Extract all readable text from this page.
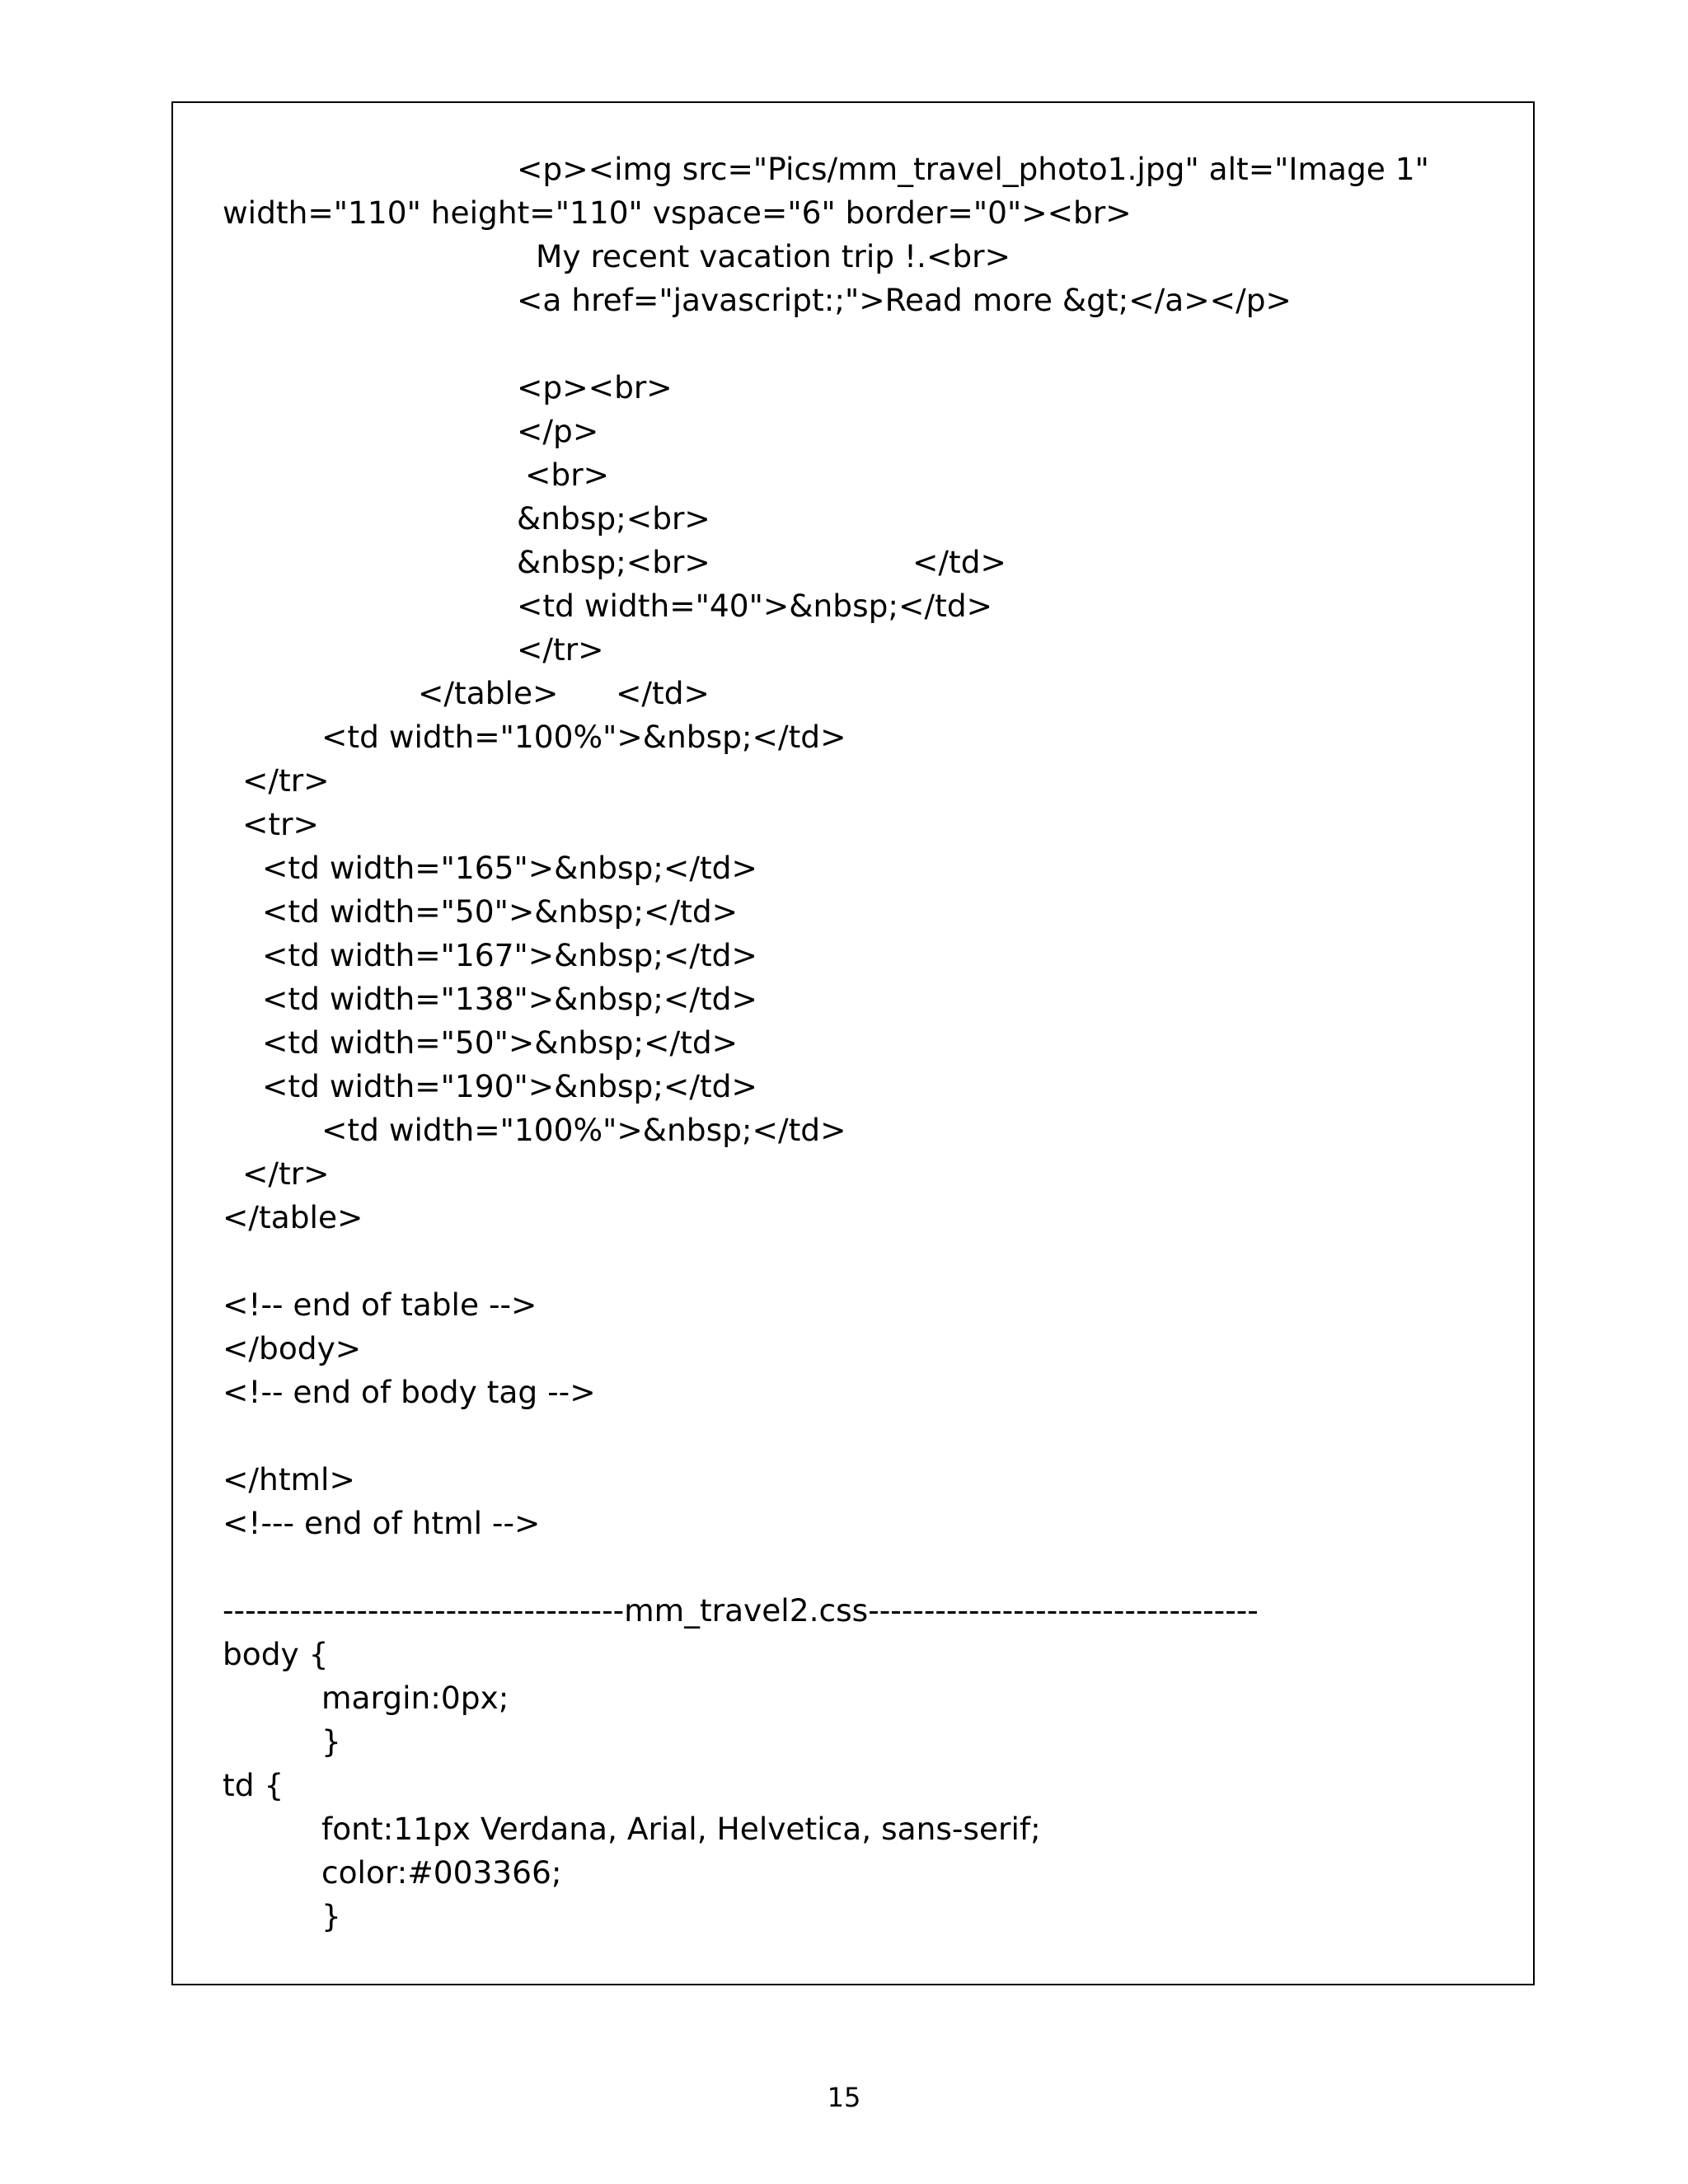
<p><img src="Pics/mm_travel_photo1.jpg" alt="Image 1"
width="110" height="110" vspace="6" border="0"><br>
My recent vacation trip !.<br>
<a href="javascript:;">Read more &gt;</a></p>
<p><br>
</p>
<br>
&nbsp;<br>
&nbsp;<br>	</td>
<td width="40">&nbsp;</td>
</tr>
</table> </td>
<td width="100%">&nbsp;</td>
</tr>
<tr>
<td width="165">&nbsp;</td>
<td width="50">&nbsp;</td>
<td width="167">&nbsp;</td>
<td width="138">&nbsp;</td>
<td width="50">&nbsp;</td>
<td width="190">&nbsp;</td>
<td width="100%">&nbsp;</td>
</tr>
</table>
<!-- end of table -->
</body>
<!-- end of body tag -->
</html>
<!--- end of html -->
------------------------------------mm_travel2.css-----------------------------------
body {
margin:0px;
}
td {
font:11px Verdana, Arial, Helvetica, sans-serif;
color:#003366;
}
15
